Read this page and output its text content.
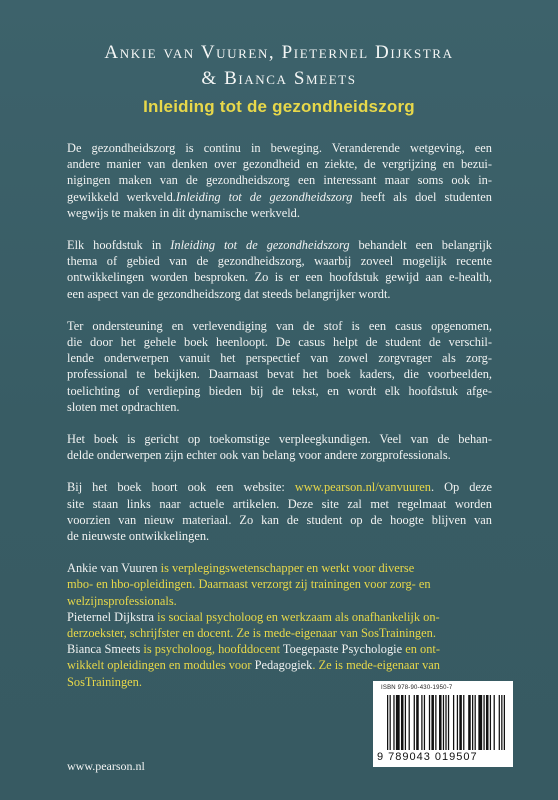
Ankie van Vuuren, Pieternel Dijkstra
& Bianca Smeets
Inleiding tot de gezondheidszorg

De gezondheidszorg is continu in beweging. Veranderende wetgeving, een
andere manier van denken over gezondheid en ziekte, de vergrijzing en bezui-
nigingen maken van de gezondheidszorg een interessant maar soms ook in-
gewikkeld werkveld.Inleiding tot de gezondheidszorg heeft als doel studenten
wegwijs te maken in dit dynamische werkveld.

Elk hoofdstuk in Inleiding tot de gezondheidszorg behandelt een belangrijk
thema of gebied van de gezondheidszorg, waarbij zoveel mogelijk recente
ontwikkelingen worden besproken. Zo is er een hoofdstuk gewijd aan e-health,
een aspect van de gezondheidszorg dat steeds belangrijker wordt.

Ter ondersteuning en verlevendiging van de stof is een casus opgenomen,
die door het gehele boek heenloopt. De casus helpt de student de verschil-
lende onderwerpen vanuit het perspectief van zowel zorgvrager als zorg-
professional te bekijken. Daarnaast bevat het boek kaders, die voorbeelden,
toelichting of verdieping bieden bij de tekst, en wordt elk hoofdstuk afge-
sloten met opdrachten.

Het boek is gericht op toekomstige verpleegkundigen. Veel van de behan-
delde onderwerpen zijn echter ook van belang voor andere zorgprofessionals.

Bij het boek hoort ook een website: www.pearson.nl/vanvuuren. Op deze
site staan links naar actuele artikelen. Deze site zal met regelmaat worden
voorzien van nieuw materiaal. Zo kan de student op de hoogte blijven van
de nieuwste ontwikkelingen.

Ankie van Vuuren is verplegingswetenschapper en werkt voor diverse
mbo- en hbo-opleidingen. Daarnaast verzorgt zij trainingen voor zorg- en
welzijnsprofessionals.
Pieternel Dijkstra is sociaal psycholoog en werkzaam als onafhankelijk on-
derzoekster, schrijfster en docent. Ze is mede-eigenaar van SosTrainingen.
Bianca Smeets is psycholoog, hoofddocent Toegepaste Psychologie en ont-
wikkelt opleidingen en modules voor Pedagogiek. Ze is mede-eigenaar van
SosTrainingen.	ISBN 978-90-430-1950-7
9 789043 019507
www.pearson.nl
